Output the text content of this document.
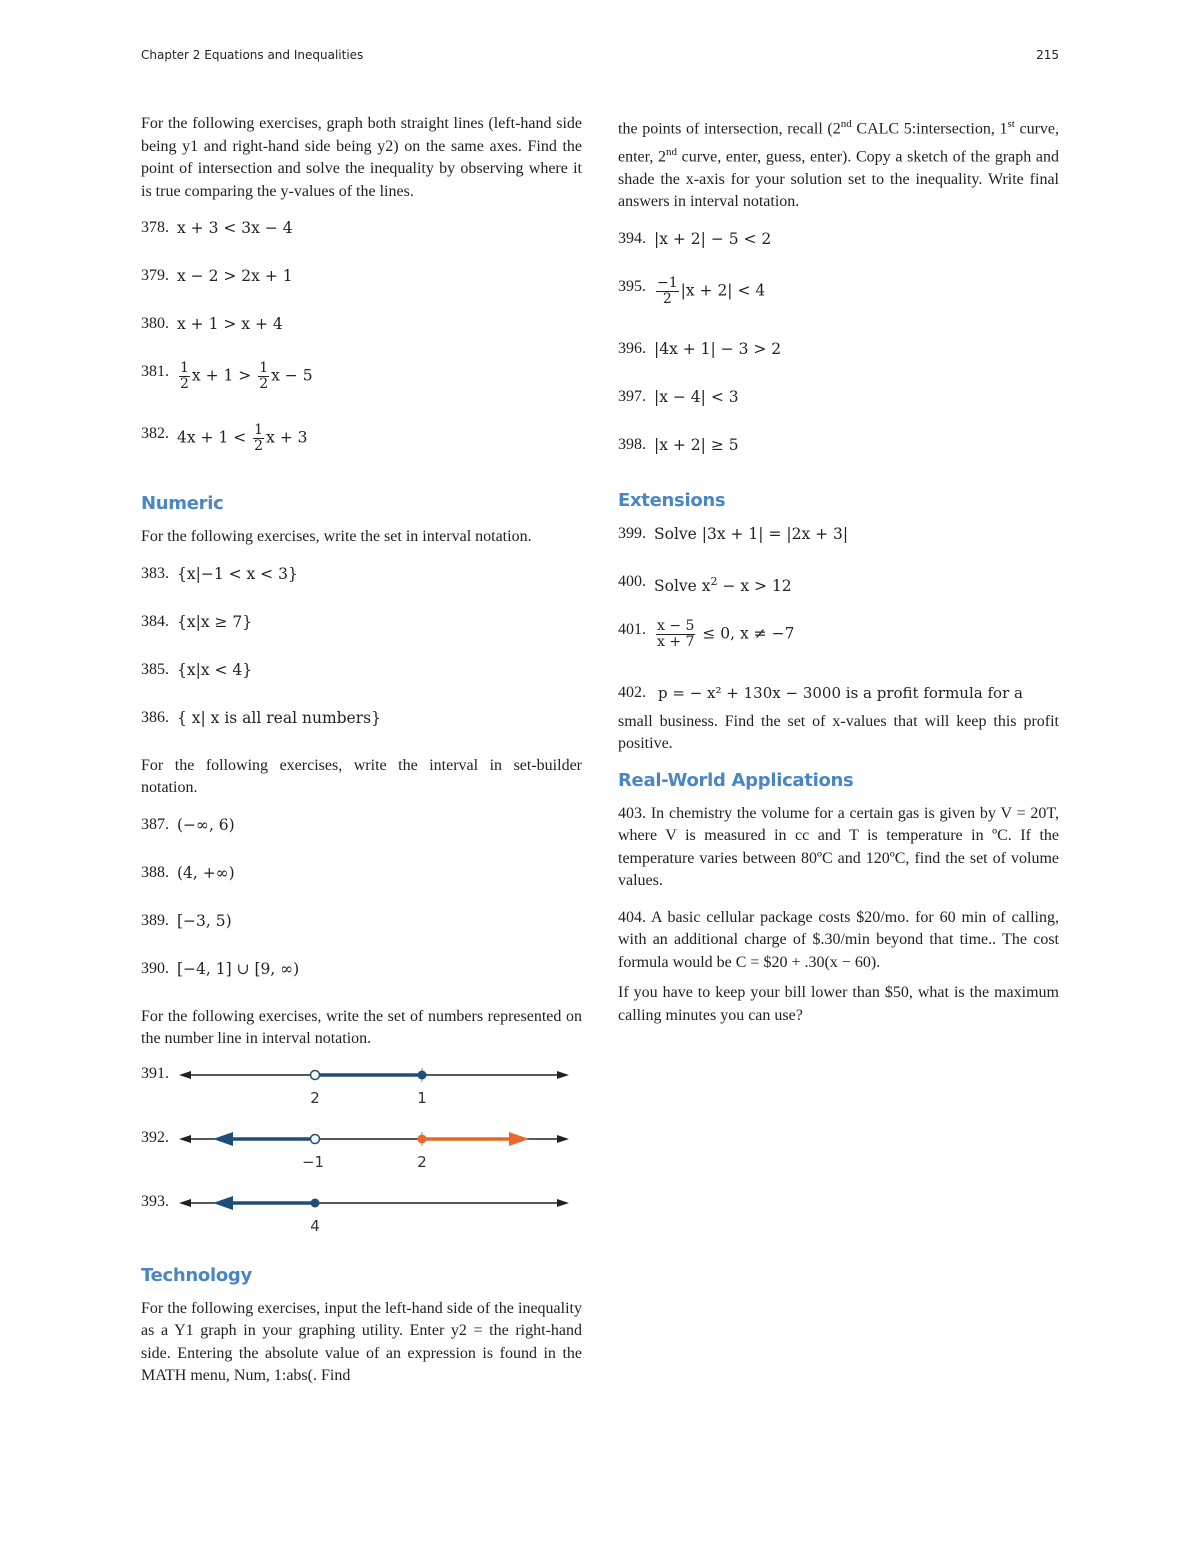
Chapter 2 Equations and Inequalities	215

For the following exercises, graph both straight lines (left-hand side being y1 and right-hand side being y2) on the same axes. Find the point of intersection and solve the inequality by observing where it is true comparing the y-values of the lines.

378. x + 3 < 3x − 4
379. x − 2 > 2x + 1
380. x + 1 > x + 4
381. $\frac{1}{2}$ $x + 1 > \frac{1}{2}$ x − 5
382. $4x + 1 < \frac{1}{2}$ x + 3
Numeric

For the following exercises, write the set in interval notation.

383. {x|−1 < x < 3}
384. {x|x ≥ 7}
385. {x|x < 4}
386. { x| x is all real numbers}

For the following exercises, write the interval in set-builder notation.

387. (−∞, 6)
388. (4, +∞)
389. [−3, 5)
390. [−4, 1] ∪ [9, ∞)

For the following exercises, write the set of numbers represented on the number line in interval notation.

391.
2	1
392.
−1	2
393.
4
Technology

For the following exercises, input the left-hand side of the inequality as a Y1 graph in your graphing utility. Enter y2 = the right-hand side. Entering the absolute value of an expression is found in the MATH menu, Num, 1:abs(. Find

the points of intersection, recall (2nd CALC 5:intersection, 1st curve, enter, 2nd curve, enter, guess, enter). Copy a sketch of the graph and shade the x-axis for your solution set to the inequality. Write final answers in interval notation.

394. |x + 2| − 5 < 2
395. $\frac{-1}{2} |x + 2| < 4$
396. |4x + 1| − 3 > 2
397. |x − 4| < 3
398. |x + 2| ≥ 5
Extensions
399. Solve |3x + 1| = |2x + 3|
400. Solve $x^2 - x > 12$
401. $\frac{x - 5}{x + 7} \le 0$, x ≠ −7
402. p = − x² + 130x − 3000 is a profit formula for a

small business. Find the set of x-values that will keep this profit positive.

Real-World Applications

403. In chemistry the volume for a certain gas is given by V = 20T, where V is measured in cc and T is temperature in ºC. If the temperature varies between 80ºC and 120ºC, find the set of volume values.

404. A basic cellular package costs $20/mo. for 60 min of calling, with an additional charge of $.30/min beyond that time.. The cost formula would be C = $20 + .30(x − 60).

If you have to keep your bill lower than $50, what is the maximum calling minutes you can use?
